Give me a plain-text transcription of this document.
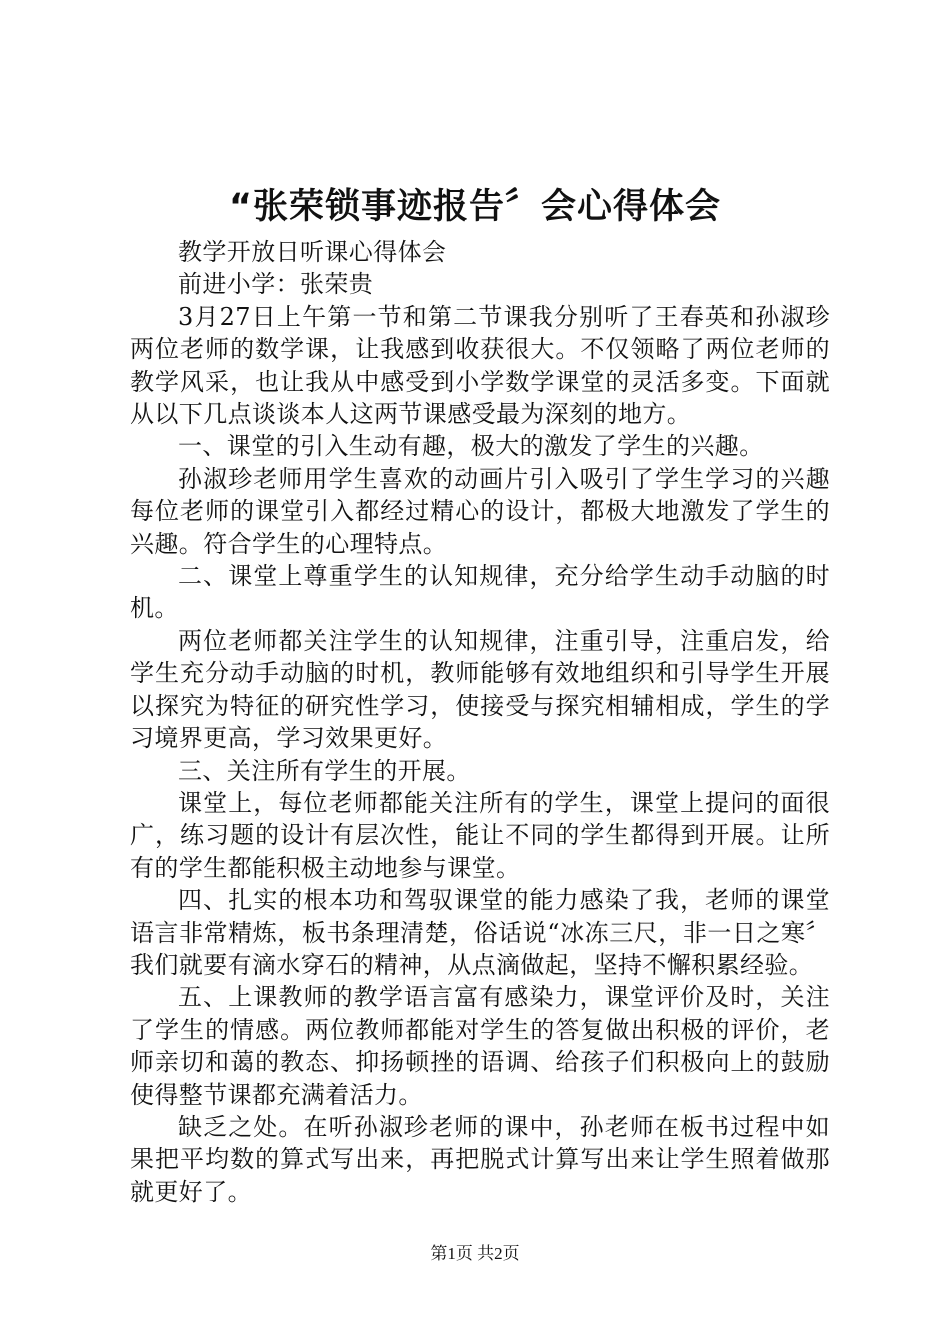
“张荣锁事迹报告〞会心得体会

教学开放日听课心得体会

前进小学：张荣贵

3月27日上午第一节和第二节课我分别听了王春英和孙淑珍两位老师的数学课，让我感到收获很大。不仅领略了两位老师的教学风采，也让我从中感受到小学数学课堂的灵活多变。下面就从以下几点谈谈本人这两节课感受最为深刻的地方。

一、课堂的引入生动有趣，极大的激发了学生的兴趣。

孙淑珍老师用学生喜欢的动画片引入吸引了学生学习的兴趣每位老师的课堂引入都经过精心的设计，都极大地激发了学生的兴趣。符合学生的心理特点。

二、课堂上尊重学生的认知规律，充分给学生动手动脑的时机。

两位老师都关注学生的认知规律，注重引导，注重启发，给学生充分动手动脑的时机，教师能够有效地组织和引导学生开展以探究为特征的研究性学习，使接受与探究相辅相成，学生的学习境界更高，学习效果更好。

三、关注所有学生的开展。

课堂上，每位老师都能关注所有的学生，课堂上提问的面很广，练习题的设计有层次性，能让不同的学生都得到开展。让所有的学生都能积极主动地参与课堂。

四、扎实的根本功和驾驭课堂的能力感染了我，老师的课堂语言非常精炼，板书条理清楚，俗话说“冰冻三尺，非一日之寒〞我们就要有滴水穿石的精神，从点滴做起，坚持不懈积累经验。

五、上课教师的教学语言富有感染力，课堂评价及时，关注了学生的情感。两位教师都能对学生的答复做出积极的评价，老师亲切和蔼的教态、抑扬顿挫的语调、给孩子们积极向上的鼓励使得整节课都充满着活力。

缺乏之处。在听孙淑珍老师的课中，孙老师在板书过程中如果把平均数的算式写出来，再把脱式计算写出来让学生照着做那就更好了。

第1页 共2页
